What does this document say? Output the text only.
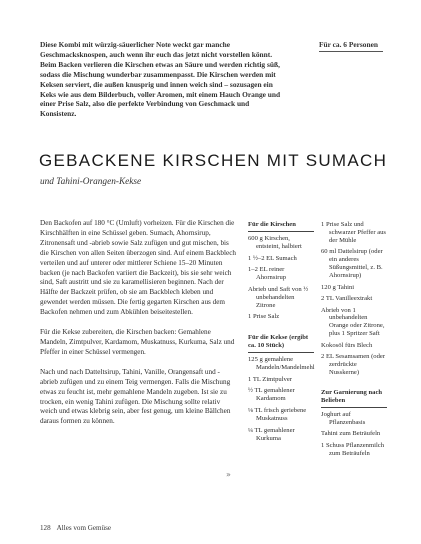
Diese Kombi mit würzig-säuerlicher Note weckt gar manche Geschmacksknospen, auch wenn ihr euch das jetzt nicht vorstellen könnt. Beim Backen verlieren die Kirschen etwas an Säure und werden richtig süß, sodass die Mischung wunderbar zusammenpasst. Die Kirschen werden mit Keksen serviert, die außen knusprig und innen weich sind – sozusagen ein Keks wie aus dem Bilderbuch, voller Aromen, mit einem Hauch Orange und einer Prise Salz, also die perfekte Verbindung von Geschmack und Konsistenz.

Für ca. 6 Personen
GEBACKENE KIRSCHEN MIT SUMACH
und Tahini-Orangen-Kekse

Den Backofen auf 180 °C (Umluft) vorheizen. Für die Kirschen die Kirschhälften in eine Schüssel geben. Sumach, Ahornsirup, Zitronensaft und -abrieb sowie Salz zufügen und gut mischen, bis die Kirschen von allen Seiten überzogen sind. Auf einem Backblech verteilen und auf unterer oder mittlerer Schiene 15–20 Minuten backen (je nach Backofen variiert die Backzeit), bis sie sehr weich sind, Saft austritt und sie zu karamellisieren beginnen. Nach der Hälfte der Backzeit prüfen, ob sie am Backblech kleben und gewendet werden müssen. Die fertig gegarten Kirschen aus dem Backofen nehmen und zum Abkühlen beiseitestellen.

Für die Kekse zubereiten, die Kirschen backen: Gemahlene Mandeln, Zimtpulver, Kardamom, Muskatnuss, Kurkuma, Salz und Pfeffer in einer Schüssel vermengen.

Nach und nach Datteltsirup, Tahini, Vanille, Orangensaft und -abrieb zufügen und zu einem Teig vermengen. Falls die Mischung etwas zu feucht ist, mehr gemahlene Mandeln zugeben. Ist sie zu trocken, ein wenig Tahini zufügen. Die Mischung sollte relativ weich und etwas klebrig sein, aber fest genug, um kleine Bällchen daraus formen zu können.

Für die Kirschen
600 g Kirschen, entsteint, halbiert
1 ½–2 EL Sumach
1–2 EL reiner Ahornsirup
Abrieb und Saft von ½ unbehandelten Zitrone
1 Prise Salz
Für die Kekse (ergibt ca. 10 Stück)
125 g gemahlene Mandeln/Mandelmehl
1 TL Zimtpulver
½ TL gemahlener Kardamom
⅛ TL frisch geriebene Muskatnuss
¼ TL gemahlener Kurkuma
1 Prise Salz und schwarzer Pfeffer aus der Mühle
60 ml Dattelsirup (oder ein anderes Süßungsmittel, z. B. Ahornsirup)
120 g Tahini
2 TL Vanilleextrakt
Abrieb von 1 unbehandelten Orange oder Zitrone, plus 1 Spritzer Saft
Kokosöl fürs Blech
2 EL Sesamsamen (oder zerdrückte Nusskerne)
Zur Garnierung nach Belieben
Joghurt auf Pflanzenbasis
Tahini zum Beträufeln
1 Schuss Pflanzenmilch zum Beträufeln
»
128 Alles vom Gemüse
